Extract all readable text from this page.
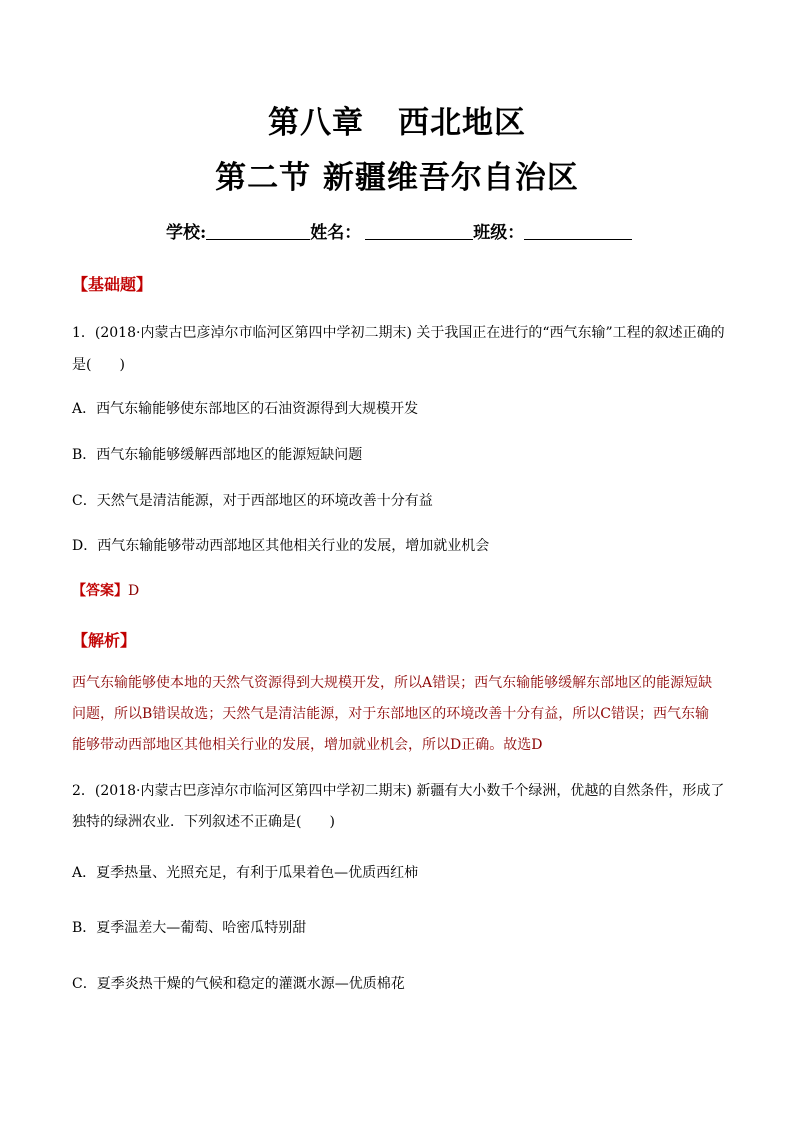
第八章 西北地区
第二节 新疆维吾尔自治区
学校:	姓名：	班级：
【基础题】
1．(2018·内蒙古巴彦淖尔市临河区第四中学初二期末) 关于我国正在进行的“西气东输”工程的叙述正确的
是(　　)
A．西气东输能够使东部地区的石油资源得到大规模开发
B．西气东输能够缓解西部地区的能源短缺问题
C．天然气是清洁能源，对于西部地区的环境改善十分有益
D．西气东输能够带动西部地区其他相关行业的发展，增加就业机会
【答案】D
【解析】
西气东输能够使本地的天然气资源得到大规模开发，所以A错误；西气东输能够缓解东部地区的能源短缺
问题，所以B错误故选；天然气是清洁能源，对于东部地区的环境改善十分有益，所以C错误；西气东输
能够带动西部地区其他相关行业的发展，增加就业机会，所以D正确。故选D
2．(2018·内蒙古巴彦淖尔市临河区第四中学初二期末) 新疆有大小数千个绿洲，优越的自然条件，形成了
独特的绿洲农业．下列叙述不正确是(　　)
A．夏季热量、光照充足，有利于瓜果着色—优质西红柿
B．夏季温差大—葡萄、哈密瓜特别甜
C．夏季炎热干燥的气候和稳定的灌溉水源—优质棉花
